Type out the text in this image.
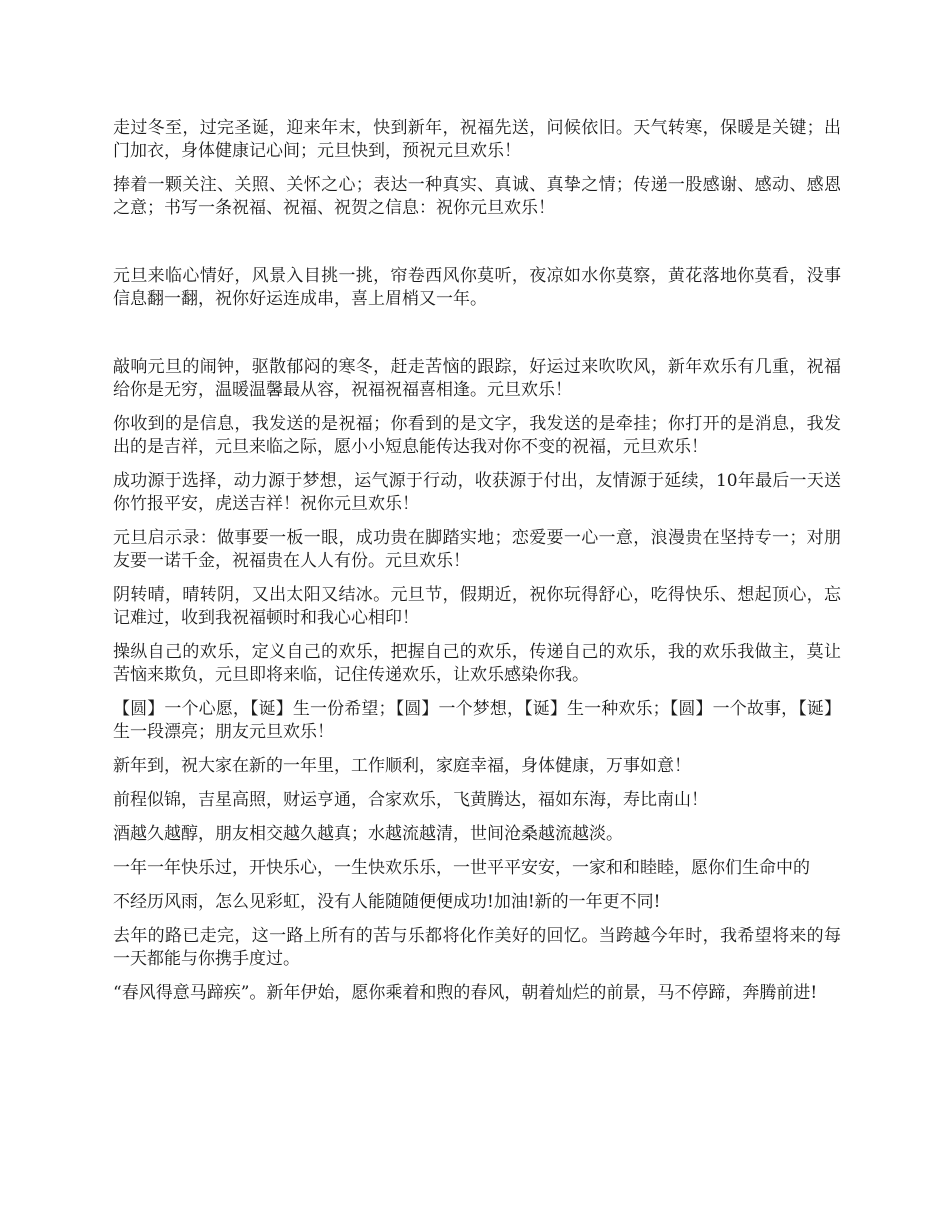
走过冬至，过完圣诞，迎来年末，快到新年，祝福先送，问候依旧。天气转寒，保暖是关键；出门加衣，身体健康记心间；元旦快到，预祝元旦欢乐！

捧着一颗关注、关照、关怀之心；表达一种真实、真诚、真挚之情；传递一股感谢、感动、感恩之意；书写一条祝福、祝福、祝贺之信息：祝你元旦欢乐！

元旦来临心情好，风景入目挑一挑，帘卷西风你莫听，夜凉如水你莫察，黄花落地你莫看，没事信息翻一翻，祝你好运连成串，喜上眉梢又一年。

敲响元旦的闹钟，驱散郁闷的寒冬，赶走苦恼的跟踪，好运过来吹吹风，新年欢乐有几重，祝福给你是无穷，温暖温馨最从容，祝福祝福喜相逢。元旦欢乐！

你收到的是信息，我发送的是祝福；你看到的是文字，我发送的是牵挂；你打开的是消息，我发出的是吉祥，元旦来临之际，愿小小短息能传达我对你不变的祝福，元旦欢乐！

成功源于选择，动力源于梦想，运气源于行动，收获源于付出，友情源于延续，10年最后一天送你竹报平安，虎送吉祥！祝你元旦欢乐！

元旦启示录：做事要一板一眼，成功贵在脚踏实地；恋爱要一心一意，浪漫贵在坚持专一；对朋友要一诺千金，祝福贵在人人有份。元旦欢乐！

阴转晴，晴转阴，又出太阳又结冰。元旦节，假期近，祝你玩得舒心，吃得快乐、想起顶心，忘记难过，收到我祝福顿时和我心心相印！

操纵自己的欢乐，定义自己的欢乐，把握自己的欢乐，传递自己的欢乐，我的欢乐我做主，莫让苦恼来欺负，元旦即将来临，记住传递欢乐，让欢乐感染你我。

【圆】一个心愿，【诞】生一份希望；【圆】一个梦想，【诞】生一种欢乐；【圆】一个故事，【诞】生一段漂亮；朋友元旦欢乐！

新年到，祝大家在新的一年里，工作顺利，家庭幸福，身体健康，万事如意！

前程似锦，吉星高照，财运亨通，合家欢乐，飞黄腾达，福如东海，寿比南山！

酒越久越醇，朋友相交越久越真；水越流越清，世间沧桑越流越淡。

一年一年快乐过，开快乐心，一生快欢乐乐，一世平平安安，一家和和睦睦，愿你们生命中的

不经历风雨，怎么见彩虹，没有人能随随便便成功!加油!新的一年更不同!

去年的路已走完，这一路上所有的苦与乐都将化作美好的回忆。当跨越今年时，我希望将来的每一天都能与你携手度过。

“春风得意马蹄疾”。新年伊始，愿你乘着和煦的春风，朝着灿烂的前景，马不停蹄，奔腾前进!
